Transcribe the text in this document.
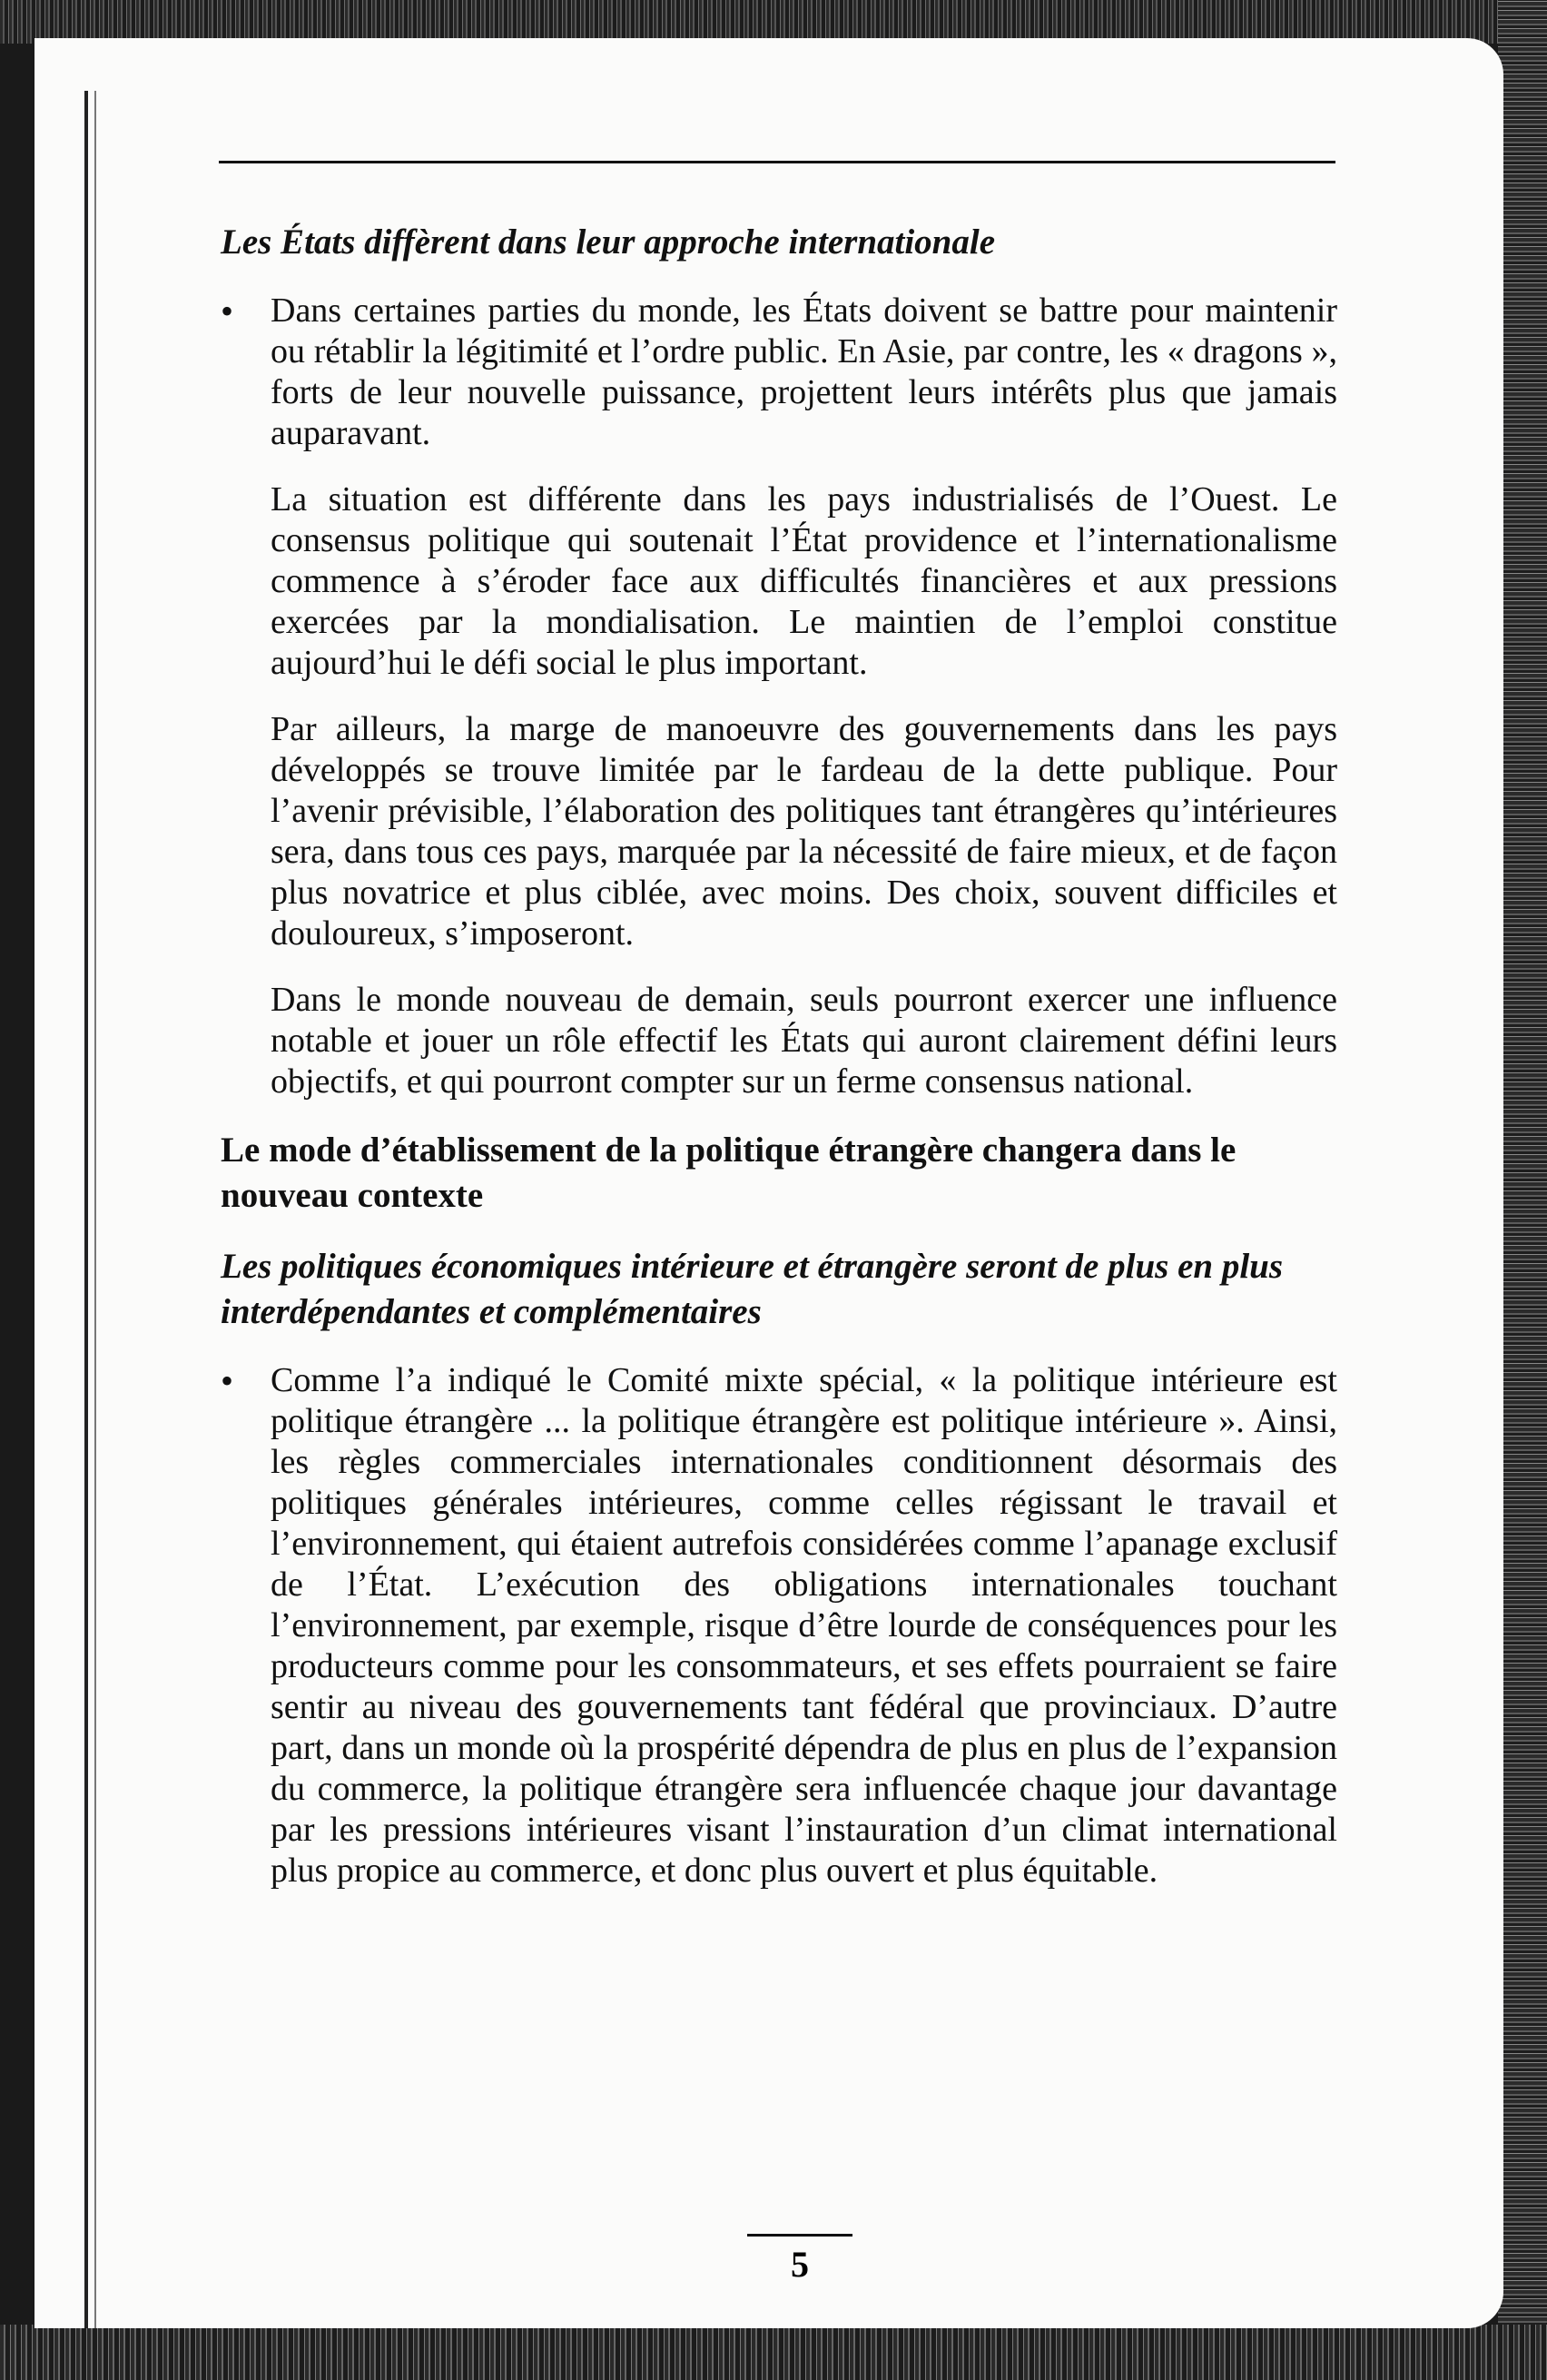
Les États diffèrent dans leur approche internationale
•	Dans certaines parties du monde, les États doivent se battre pour maintenir ou rétablir la légitimité et l’ordre public. En Asie, par contre, les « dragons », forts de leur nouvelle puissance, projettent leurs intérêts plus que jamais auparavant.
La situation est différente dans les pays industrialisés de l’Ouest. Le consensus politique qui soutenait l’État providence et l’internationalisme commence à s’éroder face aux difficultés financières et aux pressions exercées par la mondialisation. Le maintien de l’emploi constitue aujourd’hui le défi social le plus important.
Par ailleurs, la marge de manoeuvre des gouvernements dans les pays développés se trouve limitée par le fardeau de la dette publique. Pour l’avenir prévisible, l’élaboration des politiques tant étrangères qu’intérieures sera, dans tous ces pays, marquée par la nécessité de faire mieux, et de façon plus novatrice et plus ciblée, avec moins. Des choix, souvent difficiles et douloureux, s’imposeront.
Dans le monde nouveau de demain, seuls pourront exercer une influence notable et jouer un rôle effectif les États qui auront clairement défini leurs objectifs, et qui pourront compter sur un ferme consensus national.
Le mode d’établissement de la politique étrangère changera dans le nouveau contexte
Les politiques économiques intérieure et étrangère seront de plus en plus interdépendantes et complémentaires
•	Comme l’a indiqué le Comité mixte spécial, « la politique intérieure est politique étrangère ... la politique étrangère est politique intérieure ». Ainsi, les règles commerciales internationales conditionnent désormais des politiques générales intérieures, comme celles régissant le travail et l’environnement, qui étaient autrefois considérées comme l’apanage exclusif de l’État. L’exécution des obligations internationales touchant l’environnement, par exemple, risque d’être lourde de conséquences pour les producteurs comme pour les consommateurs, et ses effets pourraient se faire sentir au niveau des gouvernements tant fédéral que provinciaux. D’autre part, dans un monde où la prospérité dépendra de plus en plus de l’expansion du commerce, la politique étrangère sera influencée chaque jour davantage par les pressions intérieures visant l’instauration d’un climat international plus propice au commerce, et donc plus ouvert et plus équitable.
5
